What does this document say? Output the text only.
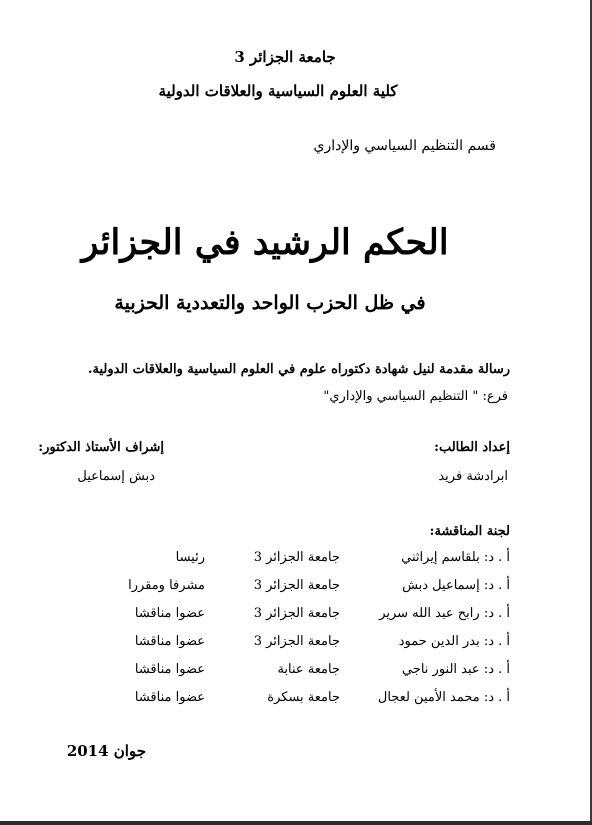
جامعة الجزائر 3
كلية العلوم السياسية والعلاقات الدولية
قسم التنظيم السياسي والإداري
الحكم الرشيد في الجزائر
في ظل الحزب الواحد والتعددية الحزبية
رسالة مقدمة لنيل شهادة دكتوراه علوم في العلوم السياسية والعلاقات الدولية.
فرع: " التنظيم السياسي والإداري"
إعداد الطالب:
إشراف الأستاذ الدكتور:
ابرادشة فريد
دبش إسماعيل
لجنة المناقشة:
أ . د: بلقاسم إيراثني
جامعة الجزائر 3
رئيسا
أ . د: إسماعيل دبش
جامعة الجزائر 3
مشرفا ومقررا
أ . د: رابح عبد الله سرير
جامعة الجزائر 3
عضوا مناقشا
أ . د: بدر الدين حمود
جامعة الجزائر 3
عضوا مناقشا
أ . د: عبد النور ناجي
جامعة عنابة
عضوا مناقشا
أ . د: محمد الأمين لعجال
جامعة بسكرة
عضوا مناقشا
جوان 2014
